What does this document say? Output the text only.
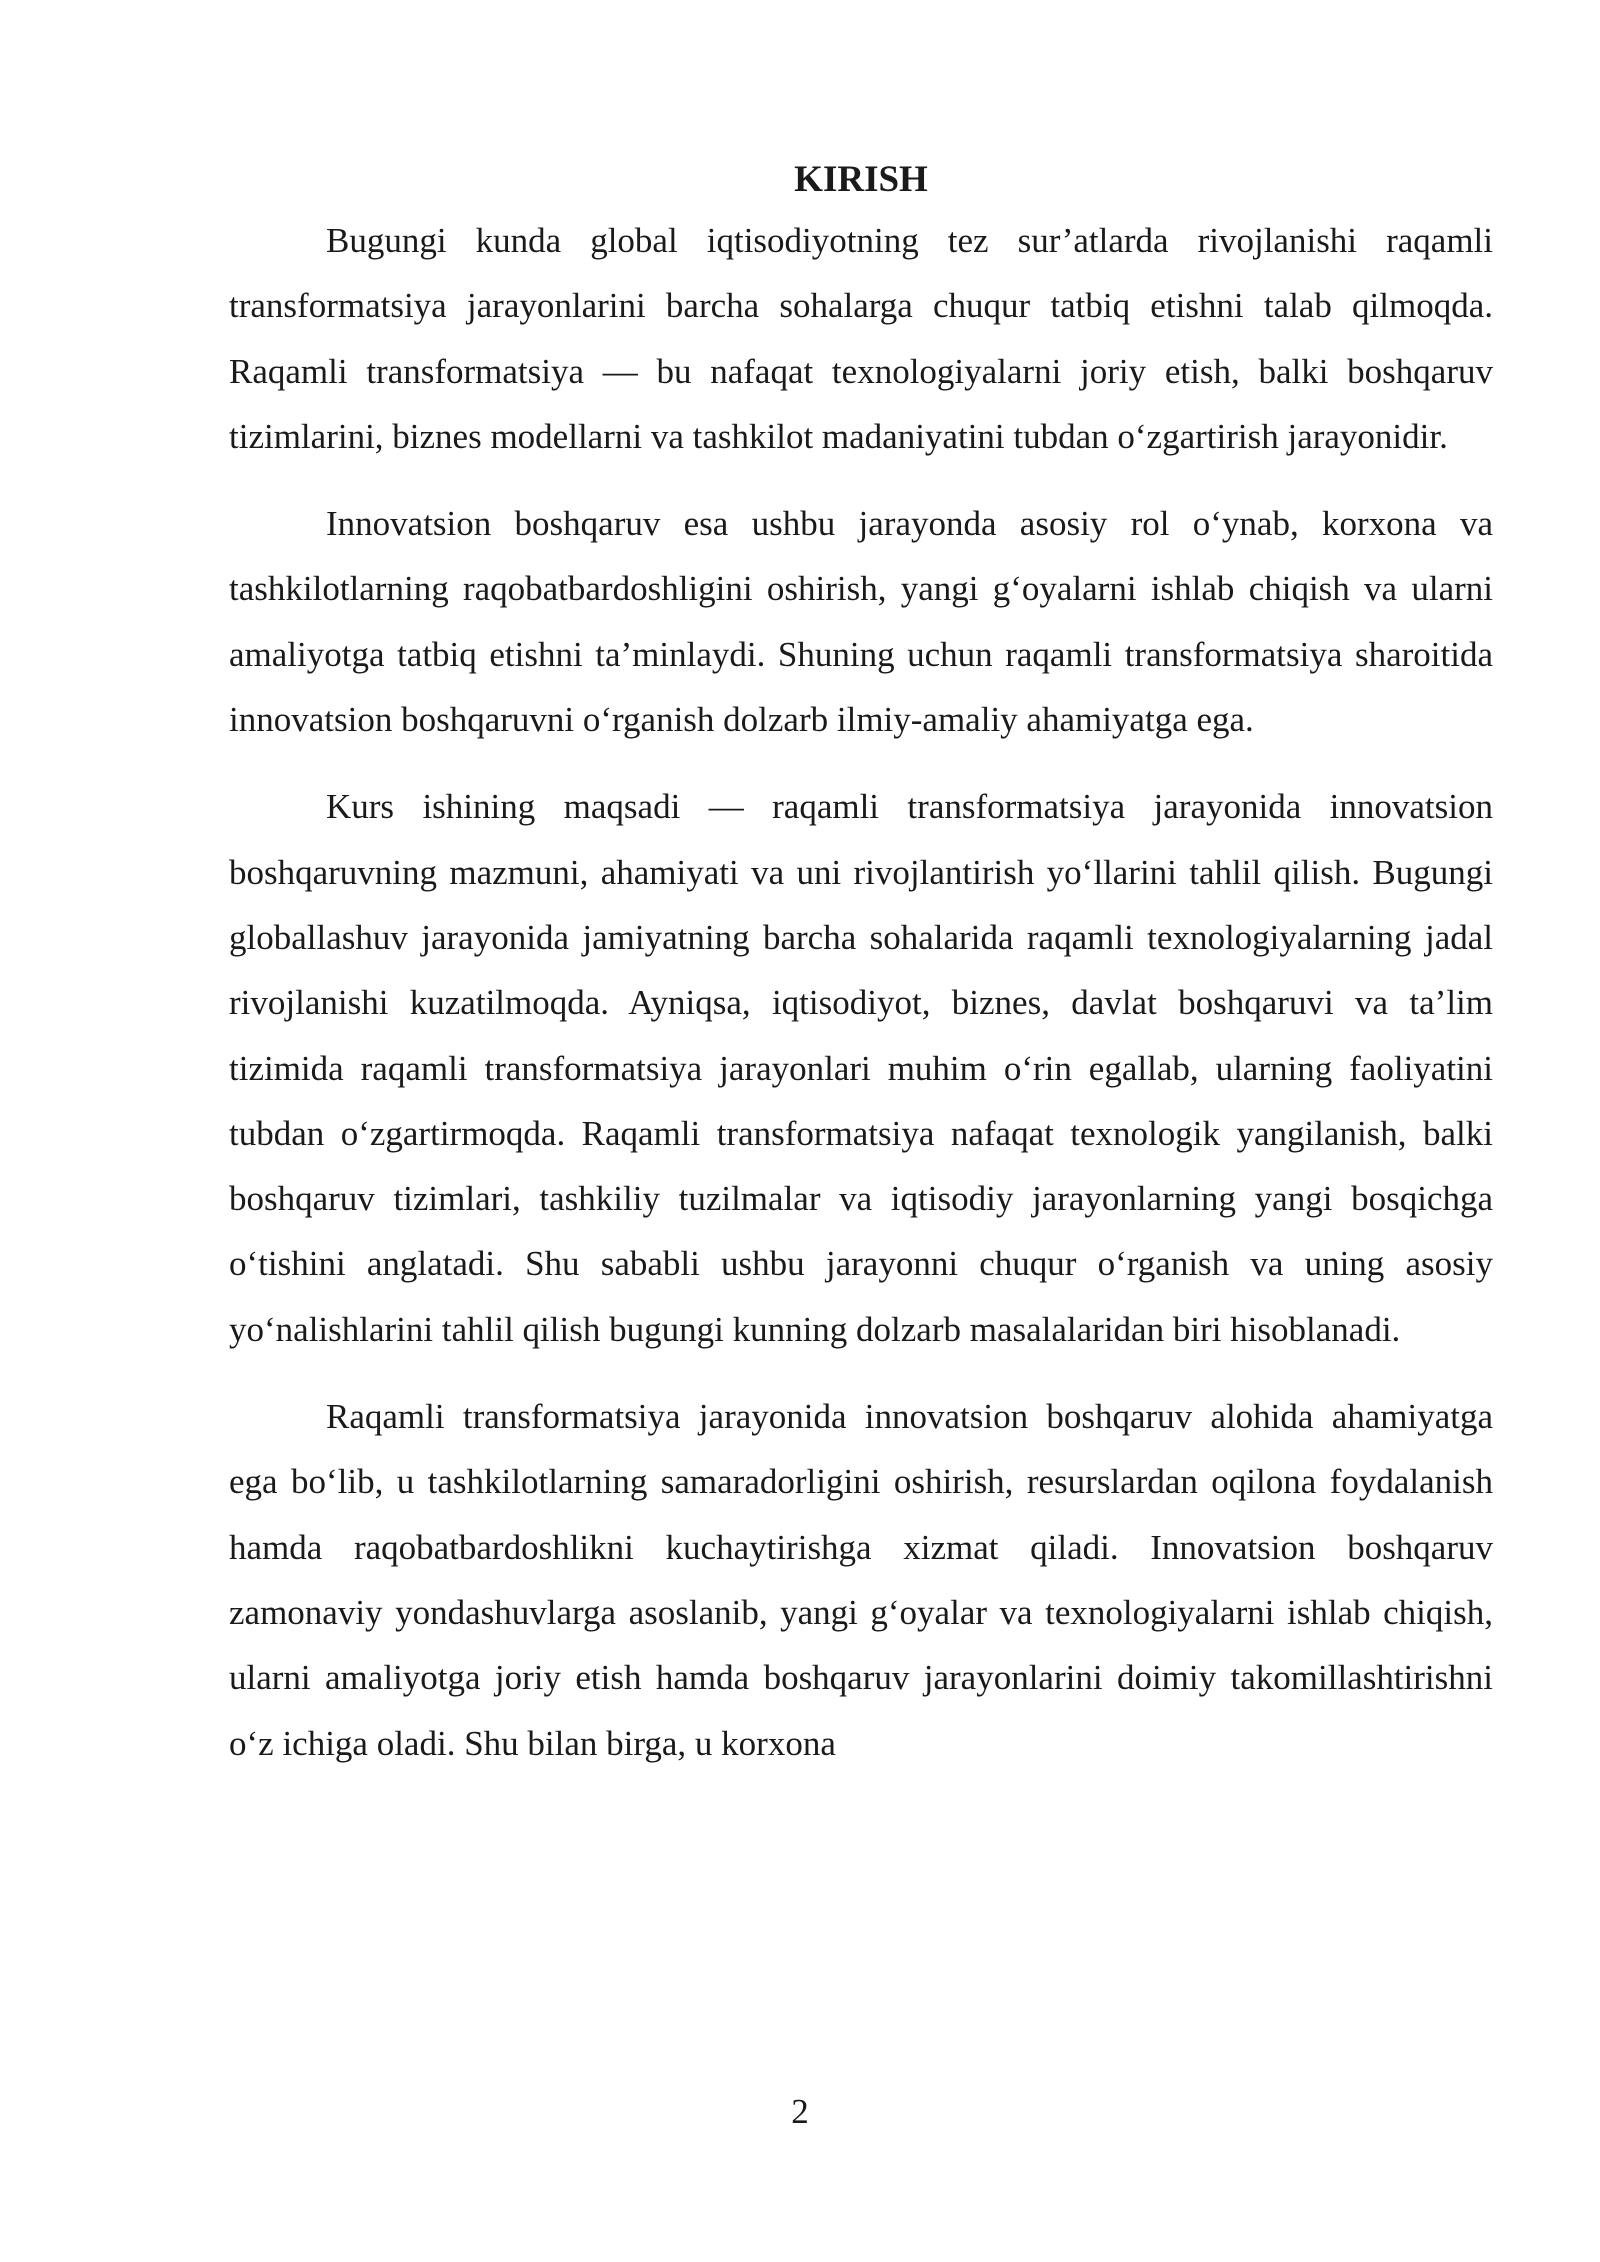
KIRISH

Bugungi kunda global iqtisodiyotning tez sur’atlarda rivojlanishi raqamli transformatsiya jarayonlarini barcha sohalarga chuqur tatbiq etishni talab qilmoqda. Raqamli transformatsiya — bu nafaqat texnologiyalarni joriy etish, balki boshqaruv tizimlarini, biznes modellarni va tashkilot madaniyatini tubdan o‘zgartirish jarayonidir.

Innovatsion boshqaruv esa ushbu jarayonda asosiy rol o‘ynab, korxona va tashkilotlarning raqobatbardoshligini oshirish, yangi g‘oyalarni ishlab chiqish va ularni amaliyotga tatbiq etishni ta’minlaydi. Shuning uchun raqamli transformatsiya sharoitida innovatsion boshqaruvni o‘rganish dolzarb ilmiy-amaliy ahamiyatga ega.

Kurs ishining maqsadi — raqamli transformatsiya jarayonida innovatsion boshqaruvning mazmuni, ahamiyati va uni rivojlantirish yo‘llarini tahlil qilish. Bugungi globallashuv jarayonida jamiyatning barcha sohalarida raqamli texnologiyalarning jadal rivojlanishi kuzatilmoqda. Ayniqsa, iqtisodiyot, biznes, davlat boshqaruvi va ta’lim tizimida raqamli transformatsiya jarayonlari muhim o‘rin egallab, ularning faoliyatini tubdan o‘zgartirmoqda. Raqamli transformatsiya nafaqat texnologik yangilanish, balki boshqaruv tizimlari, tashkiliy tuzilmalar va iqtisodiy jarayonlarning yangi bosqichga o‘tishini anglatadi. Shu sababli ushbu jarayonni chuqur o‘rganish va uning asosiy yo‘nalishlarini tahlil qilish bugungi kunning dolzarb masalalaridan biri hisoblanadi.

Raqamli transformatsiya jarayonida innovatsion boshqaruv alohida ahamiyatga ega bo‘lib, u tashkilotlarning samaradorligini oshirish, resurslardan oqilona foydalanish hamda raqobatbardoshlikni kuchaytirishga xizmat qiladi. Innovatsion boshqaruv zamonaviy yondashuvlarga asoslanib, yangi g‘oyalar va texnologiyalarni ishlab chiqish, ularni amaliyotga joriy etish hamda boshqaruv jarayonlarini doimiy takomillashtirishni o‘z ichiga oladi. Shu bilan birga, u korxona

2
